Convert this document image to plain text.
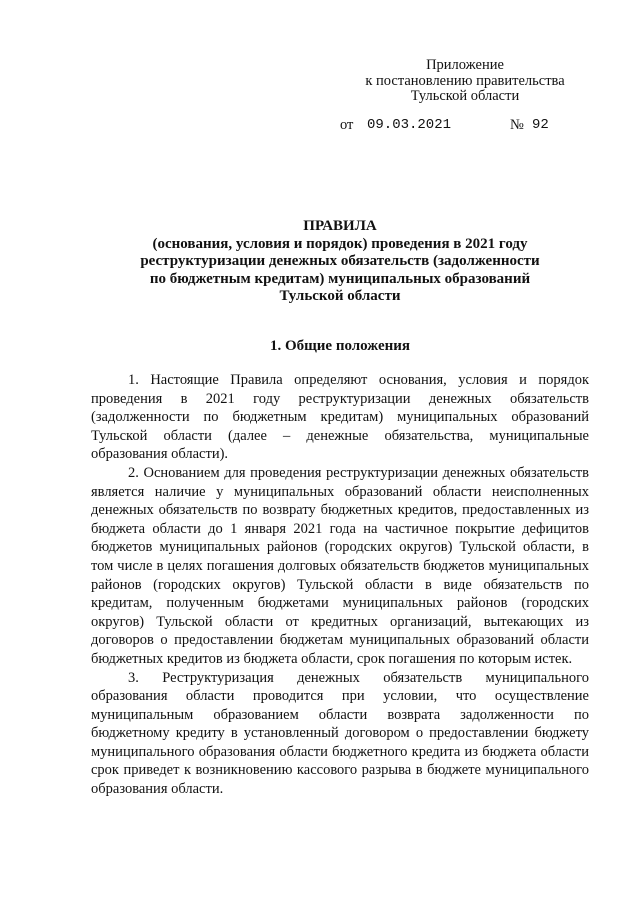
Приложение
к постановлению правительства
Тульской области
от 09.03.2021	№ 92
ПРАВИЛА
(основания, условия и порядок) проведения в 2021 году
реструктуризации денежных обязательств (задолженности
по бюджетным кредитам) муниципальных образований
Тульской области
1. Общие положения

1. Настоящие Правила определяют основания, условия и порядок проведения в 2021 году реструктуризации денежных обязательств (задолженности по бюджетным кредитам) муниципальных образований Тульской области (далее – денежные обязательства, муниципальные образования области).

2. Основанием для проведения реструктуризации денежных обязательств является наличие у муниципальных образований области неисполненных денежных обязательств по возврату бюджетных кредитов, предоставленных из бюджета области до 1 января 2021 года на частичное покрытие дефицитов бюджетов муниципальных районов (городских округов) Тульской области, в том числе в целях погашения долговых обязательств бюджетов муниципальных районов (городских округов) Тульской области в виде обязательств по кредитам, полученным бюджетами муниципальных районов (городских округов) Тульской области от кредитных организаций, вытекающих из договоров о предоставлении бюджетам муниципальных образований области бюджетных кредитов из бюджета области, срок погашения по которым истек.

3. Реструктуризация денежных обязательств муниципального образования области проводится при условии, что осуществление муниципальным образованием области возврата задолженности по бюджетному кредиту в установленный договором о предоставлении бюджету муниципального образования области бюджетного кредита из бюджета области срок приведет к возникновению кассового разрыва в бюджете муниципального образования области.
